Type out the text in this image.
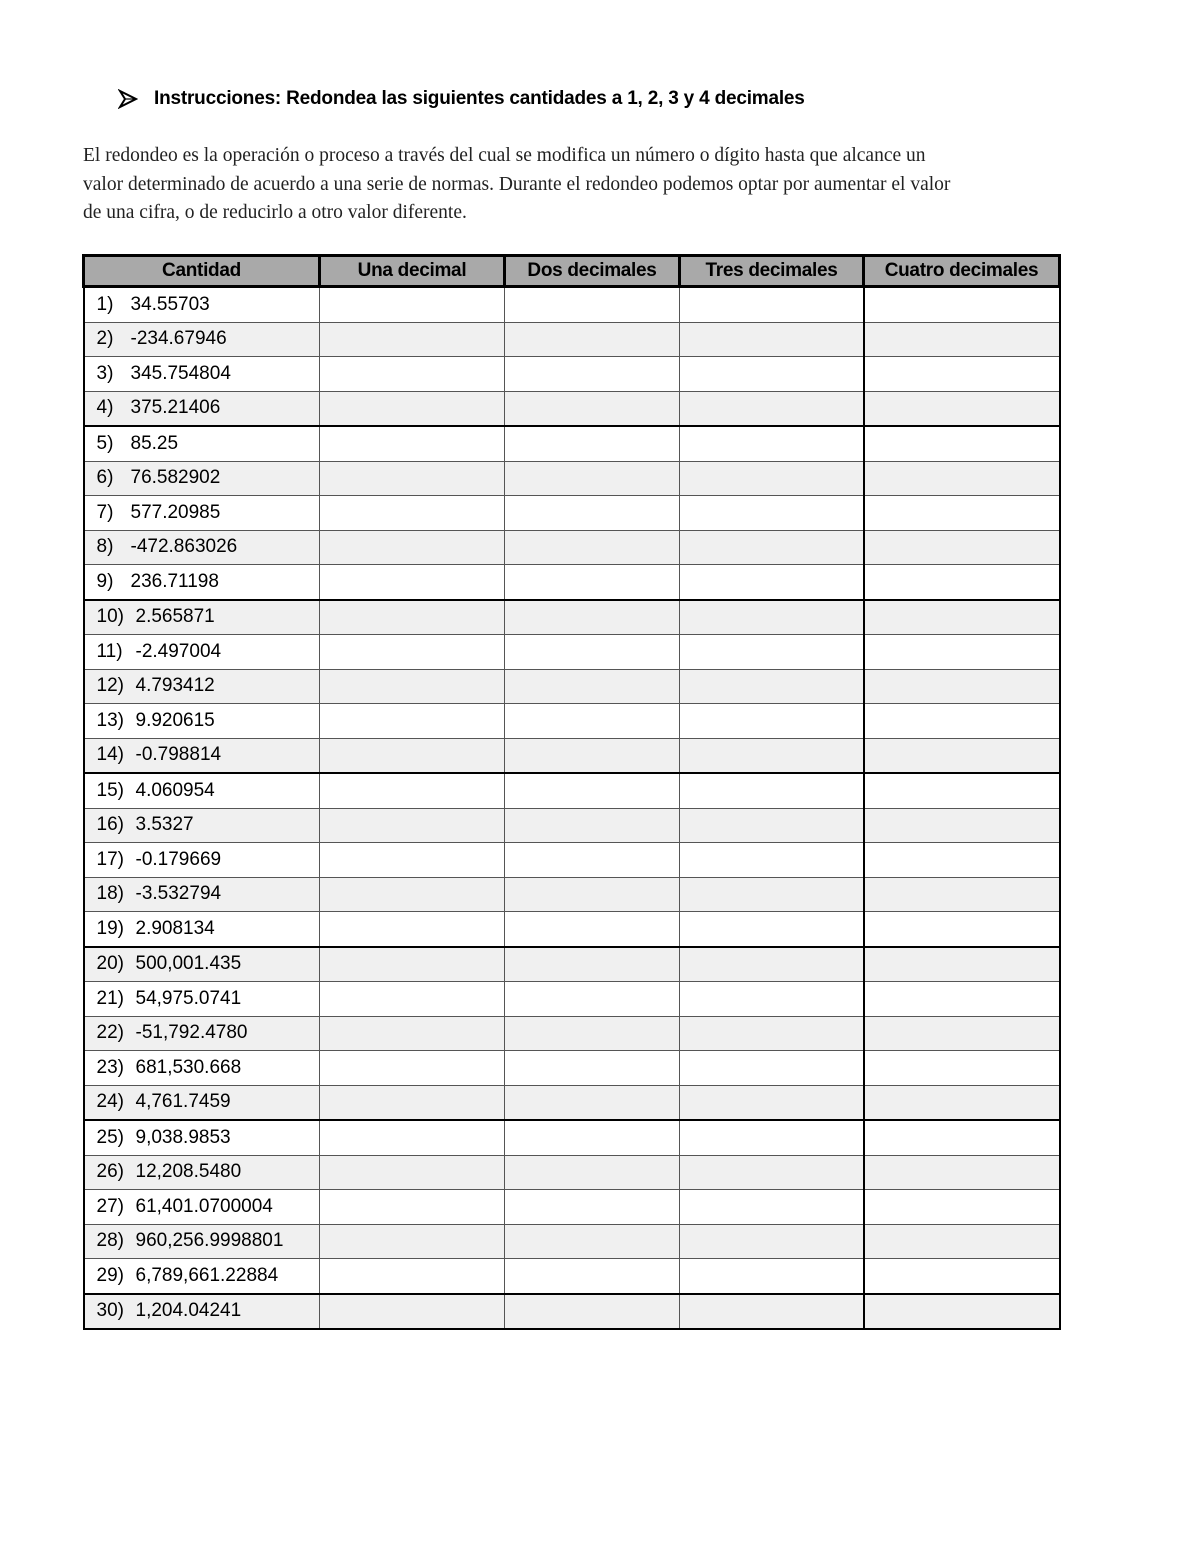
Instrucciones: Redondea las siguientes cantidades a 1, 2, 3 y 4 decimales

El redondeo es la operación o proceso a través del cual se modifica un número o dígito hasta que alcance un

valor determinado de acuerdo a una serie de normas. Durante el redondeo podemos optar por aumentar el valor

de una cifra, o de reducirlo a otro valor diferente.

Cantidad	Una decimal	Dos decimales	Tres decimales	Cuatro decimales
1) 34.55703				
2) -234.67946				
3) 345.754804				
4) 375.21406				
5) 85.25				
6) 76.582902				
7) 577.20985				
8) -472.863026				
9) 236.71198				
10) 2.565871				
11) -2.497004				
12) 4.793412				
13) 9.920615				
14) -0.798814				
15) 4.060954				
16) 3.5327				
17) -0.179669				
18) -3.532794				
19) 2.908134				
20) 500,001.435				
21) 54,975.0741				
22) -51,792.4780				
23) 681,530.668				
24) 4,761.7459				
25) 9,038.9853				
26) 12,208.5480				
27) 61,401.0700004				
28) 960,256.9998801				
29) 6,789,661.22884				
30) 1,204.04241				
